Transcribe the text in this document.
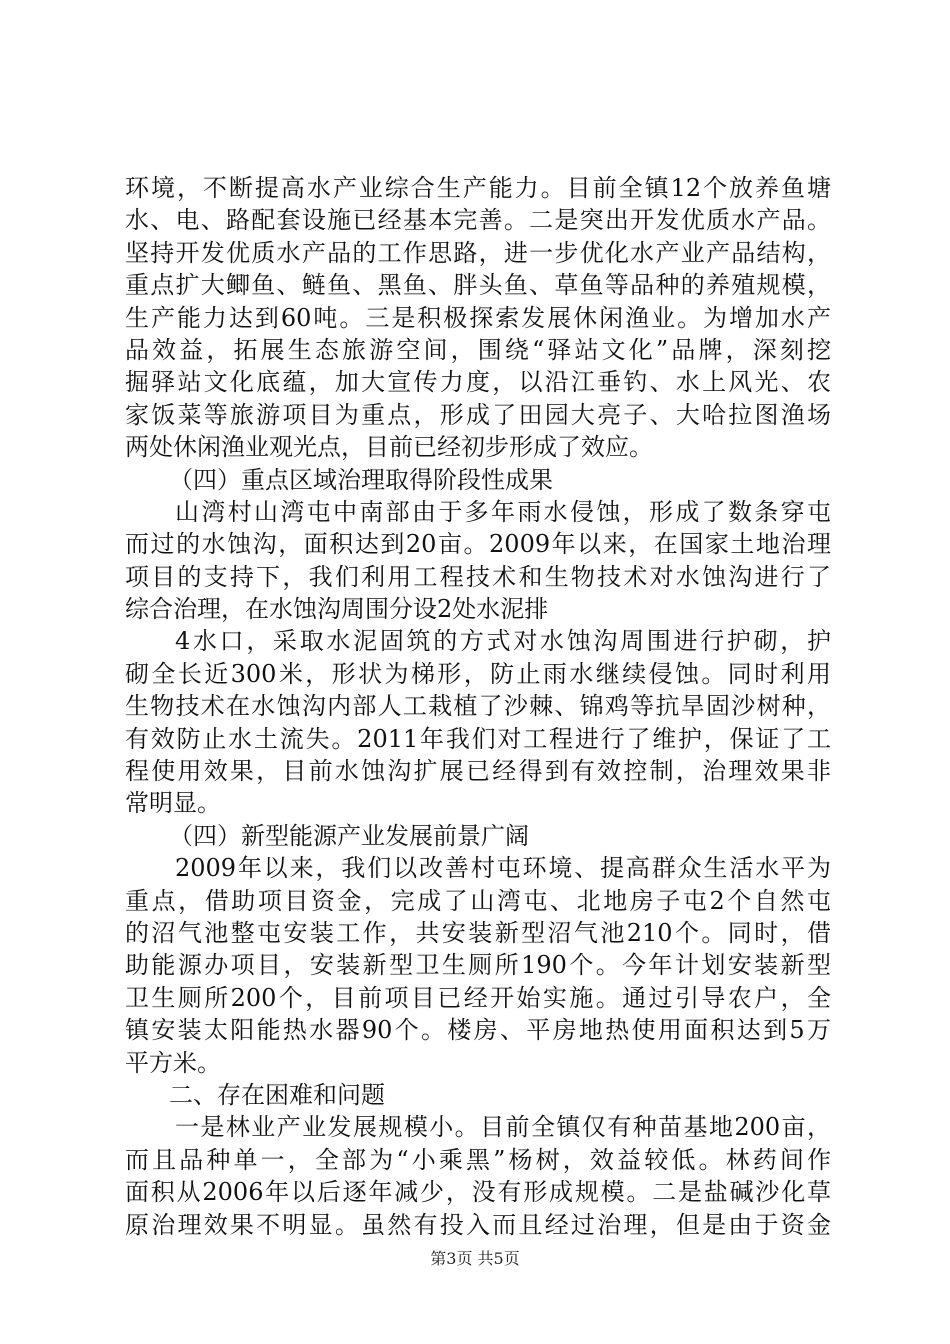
环境，不断提高水产业综合生产能力。目前全镇12个放养鱼塘
水、电、路配套设施已经基本完善。二是突出开发优质水产品。
坚持开发优质水产品的工作思路，进一步优化水产业产品结构，
重点扩大鲫鱼、鲢鱼、黑鱼、胖头鱼、草鱼等品种的养殖规模，
生产能力达到60吨。三是积极探索发展休闲渔业。为增加水产
品效益，拓展生态旅游空间，围绕“驿站文化”品牌，深刻挖
掘驿站文化底蕴，加大宣传力度，以沿江垂钓、水上风光、农
家饭菜等旅游项目为重点，形成了田园大亮子、大哈拉图渔场
两处休闲渔业观光点，目前已经初步形成了效应。
（四）重点区域治理取得阶段性成果
山湾村山湾屯中南部由于多年雨水侵蚀，形成了数条穿屯
而过的水蚀沟，面积达到20亩。2009年以来，在国家土地治理
项目的支持下，我们利用工程技术和生物技术对水蚀沟进行了
综合治理，在水蚀沟周围分设2处水泥排
4水口，采取水泥固筑的方式对水蚀沟周围进行护砌，护
砌全长近300米，形状为梯形，防止雨水继续侵蚀。同时利用
生物技术在水蚀沟内部人工栽植了沙棘、锦鸡等抗旱固沙树种，
有效防止水土流失。2011年我们对工程进行了维护，保证了工
程使用效果，目前水蚀沟扩展已经得到有效控制，治理效果非
常明显。
（四）新型能源产业发展前景广阔
2009年以来，我们以改善村屯环境、提高群众生活水平为
重点，借助项目资金，完成了山湾屯、北地房子屯2个自然屯
的沼气池整屯安装工作，共安装新型沼气池210个。同时，借
助能源办项目，安装新型卫生厕所190个。今年计划安装新型
卫生厕所200个，目前项目已经开始实施。通过引导农户，全
镇安装太阳能热水器90个。楼房、平房地热使用面积达到5万
平方米。
二、存在困难和问题
一是林业产业发展规模小。目前全镇仅有种苗基地200亩，
而且品种单一，全部为“小乘黑”杨树，效益较低。林药间作
面积从2006年以后逐年减少，没有形成规模。二是盐碱沙化草
原治理效果不明显。虽然有投入而且经过治理，但是由于资金
第3页 共5页
